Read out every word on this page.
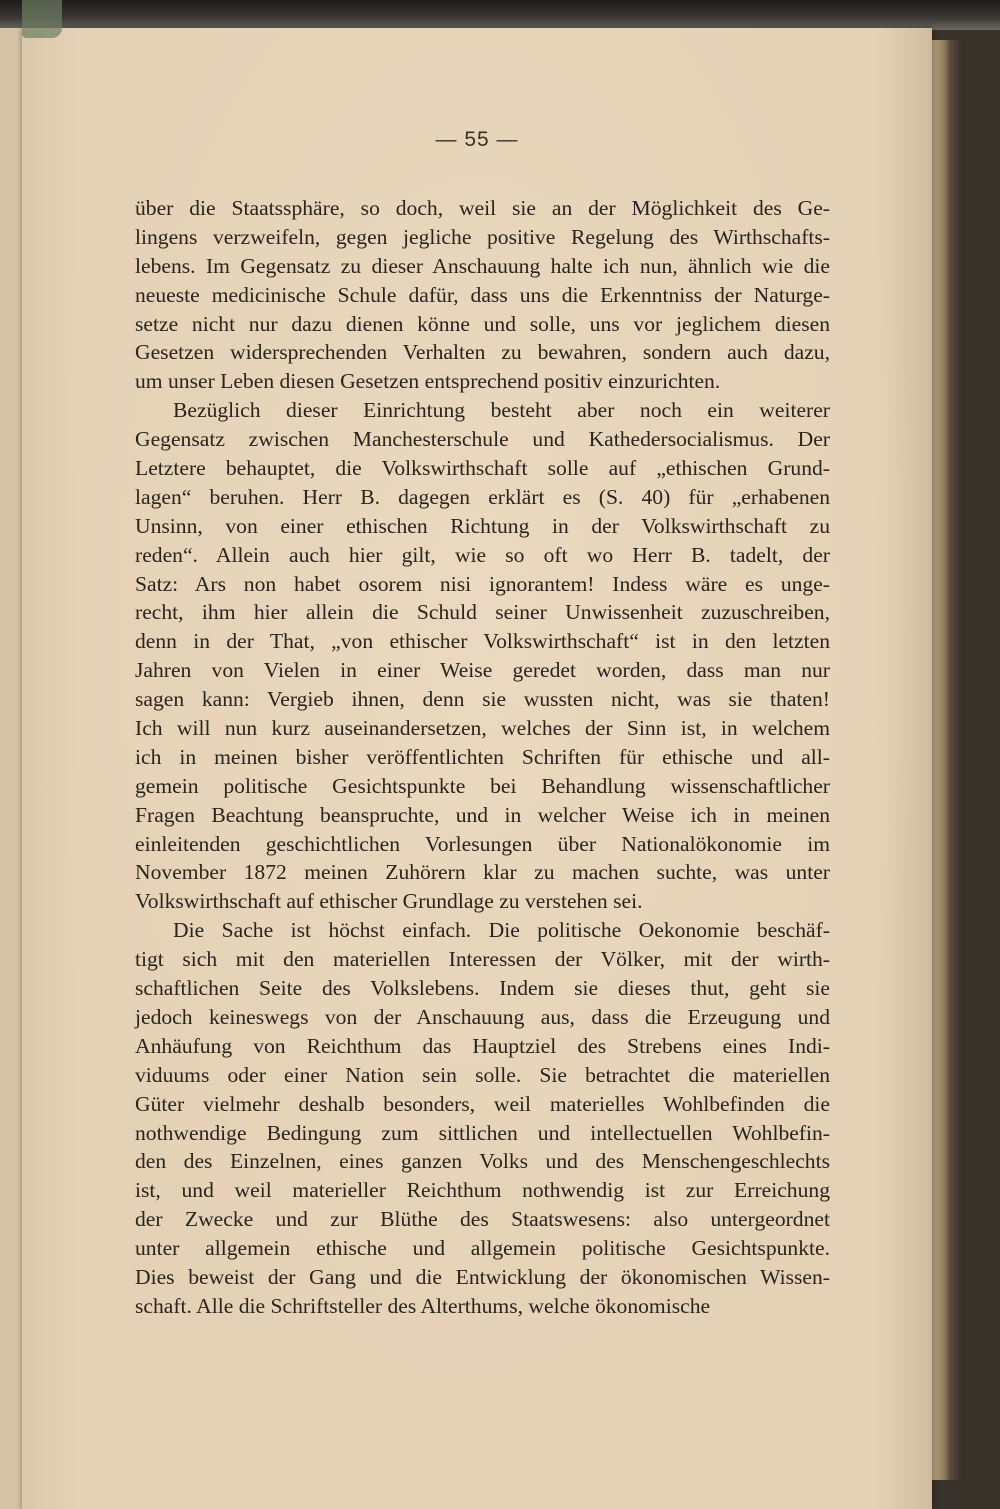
— 55 —
über die Staatssphäre, so doch, weil sie an der Möglichkeit des Ge-
lingens verzweifeln, gegen jegliche positive Regelung des Wirthschafts-
lebens. Im Gegensatz zu dieser Anschauung halte ich nun, ähnlich wie die
neueste medicinische Schule dafür, dass uns die Erkenntniss der Naturge-
setze nicht nur dazu dienen könne und solle, uns vor jeglichem diesen
Gesetzen widersprechenden Verhalten zu bewahren, sondern auch dazu,
um unser Leben diesen Gesetzen entsprechend positiv einzurichten.
Bezüglich dieser Einrichtung besteht aber noch ein weiterer
Gegensatz zwischen Manchesterschule und Kathedersocialismus. Der
Letztere behauptet, die Volkswirthschaft solle auf „ethischen Grund-
lagen“ beruhen. Herr B. dagegen erklärt es (S. 40) für „erhabenen
Unsinn, von einer ethischen Richtung in der Volkswirthschaft zu
reden“. Allein auch hier gilt, wie so oft wo Herr B. tadelt, der
Satz: Ars non habet osorem nisi ignorantem! Indess wäre es unge-
recht, ihm hier allein die Schuld seiner Unwissenheit zuzuschreiben,
denn in der That, „von ethischer Volkswirthschaft“ ist in den letzten
Jahren von Vielen in einer Weise geredet worden, dass man nur
sagen kann: Vergieb ihnen, denn sie wussten nicht, was sie thaten!
Ich will nun kurz auseinandersetzen, welches der Sinn ist, in welchem
ich in meinen bisher veröffentlichten Schriften für ethische und all-
gemein politische Gesichtspunkte bei Behandlung wissenschaftlicher
Fragen Beachtung beanspruchte, und in welcher Weise ich in meinen
einleitenden geschichtlichen Vorlesungen über Nationalökonomie im
November 1872 meinen Zuhörern klar zu machen suchte, was unter
Volkswirthschaft auf ethischer Grundlage zu verstehen sei.
Die Sache ist höchst einfach. Die politische Oekonomie beschäf-
tigt sich mit den materiellen Interessen der Völker, mit der wirth-
schaftlichen Seite des Volkslebens. Indem sie dieses thut, geht sie
jedoch keineswegs von der Anschauung aus, dass die Erzeugung und
Anhäufung von Reichthum das Hauptziel des Strebens eines Indi-
viduums oder einer Nation sein solle. Sie betrachtet die materiellen
Güter vielmehr deshalb besonders, weil materielles Wohlbefinden die
nothwendige Bedingung zum sittlichen und intellectuellen Wohlbefin-
den des Einzelnen, eines ganzen Volks und des Menschengeschlechts
ist, und weil materieller Reichthum nothwendig ist zur Erreichung
der Zwecke und zur Blüthe des Staatswesens: also untergeordnet
unter allgemein ethische und allgemein politische Gesichtspunkte.
Dies beweist der Gang und die Entwicklung der ökonomischen Wissen-
schaft. Alle die Schriftsteller des Alterthums, welche ökonomische
